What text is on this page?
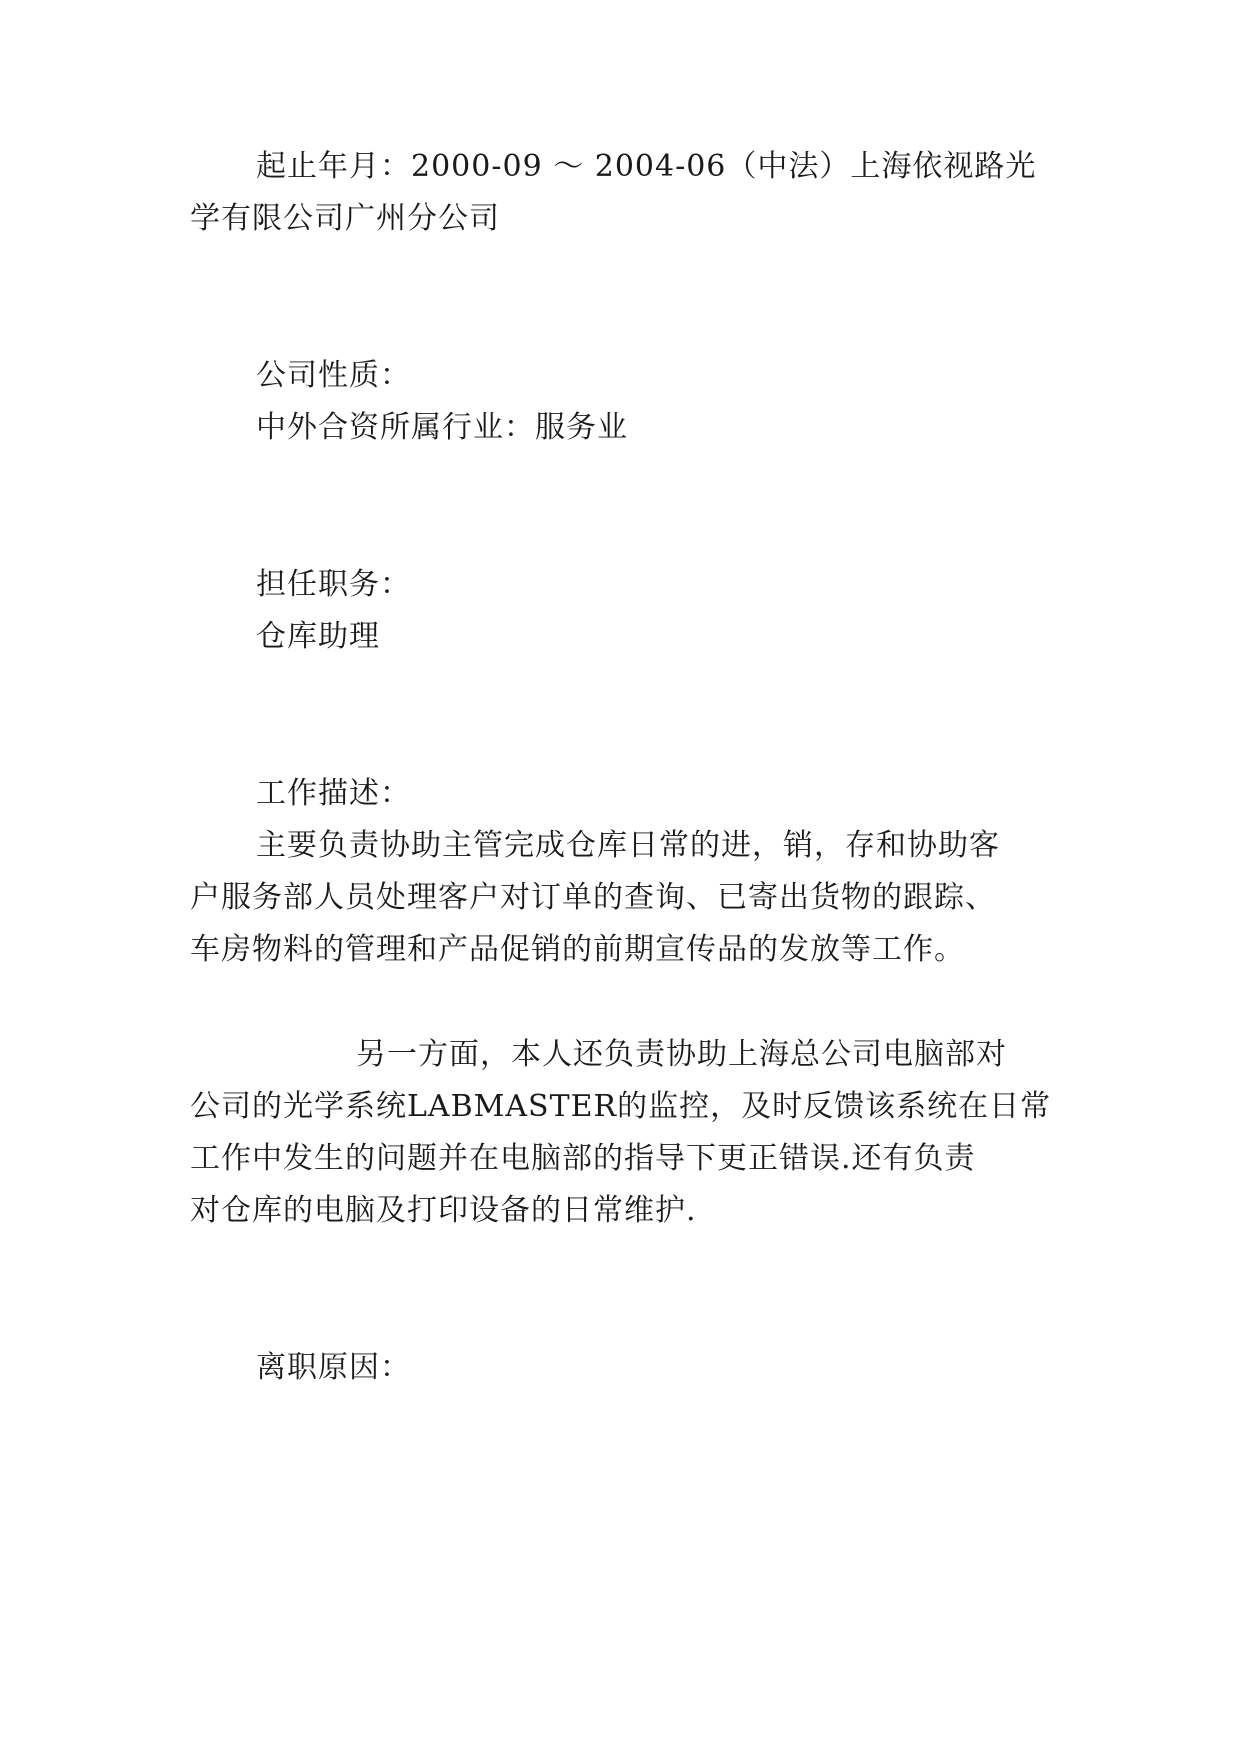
起止年月：2000-09 ～ 2004-06（中法）上海依视路光
学有限公司广州分公司
公司性质：
中外合资所属行业：服务业
担任职务：
仓库助理
工作描述：
主要负责协助主管完成仓库日常的进，销，存和协助客
户服务部人员处理客户对订单的查询、已寄出货物的跟踪、
车房物料的管理和产品促销的前期宣传品的发放等工作。
另一方面，本人还负责协助上海总公司电脑部对
公司的光学系统LABMASTER的监控，及时反馈该系统在日常
工作中发生的问题并在电脑部的指导下更正错误.还有负责
对仓库的电脑及打印设备的日常维护.
离职原因：
